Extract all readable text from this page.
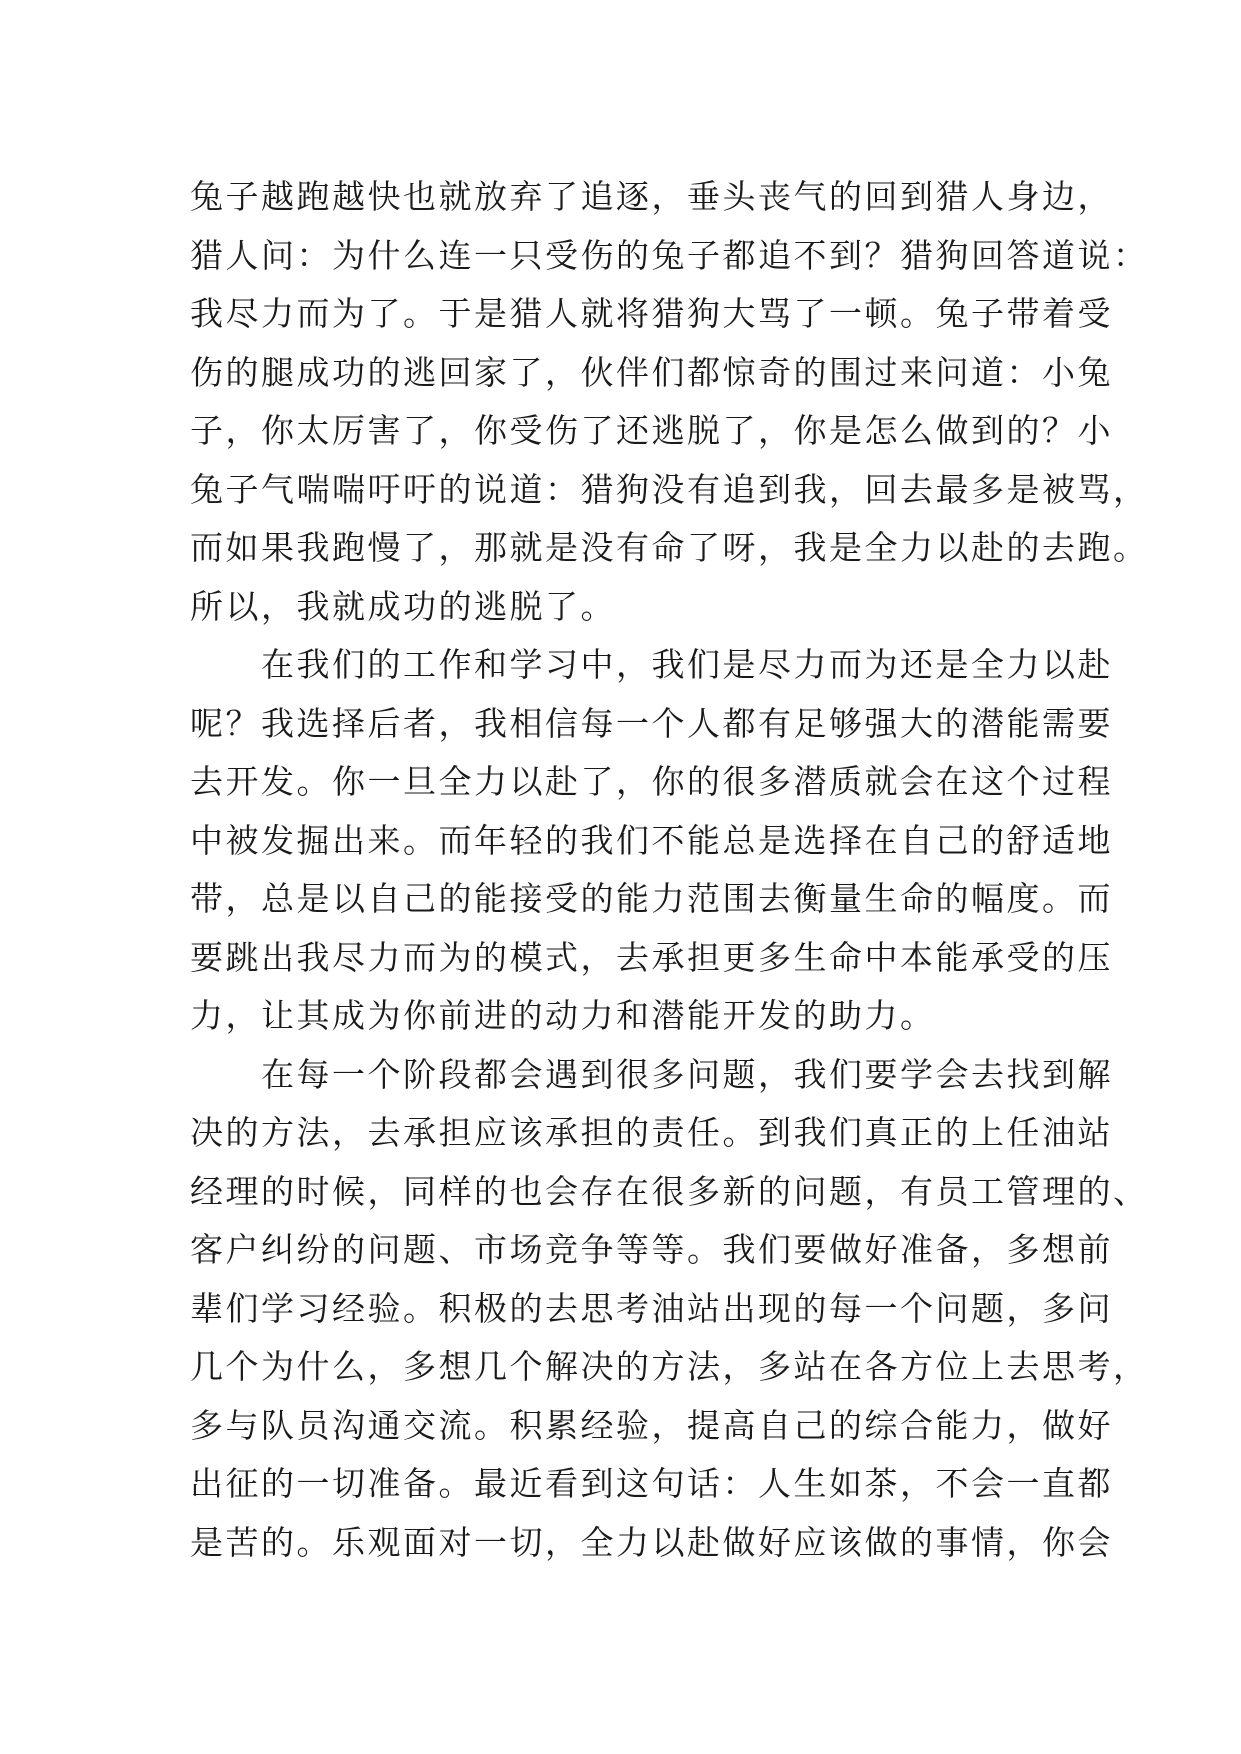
兔子越跑越快也就放弃了追逐，垂头丧气的回到猎人身边，
猎人问：为什么连一只受伤的兔子都追不到？猎狗回答道说：
我尽力而为了。于是猎人就将猎狗大骂了一顿。兔子带着受
伤的腿成功的逃回家了，伙伴们都惊奇的围过来问道：小兔
子，你太厉害了，你受伤了还逃脱了，你是怎么做到的？小
兔子气喘喘吁吁的说道：猎狗没有追到我，回去最多是被骂，
而如果我跑慢了，那就是没有命了呀，我是全力以赴的去跑。
所以，我就成功的逃脱了。
　　在我们的工作和学习中，我们是尽力而为还是全力以赴
呢？我选择后者，我相信每一个人都有足够强大的潜能需要
去开发。你一旦全力以赴了，你的很多潜质就会在这个过程
中被发掘出来。而年轻的我们不能总是选择在自己的舒适地
带，总是以自己的能接受的能力范围去衡量生命的幅度。而
要跳出我尽力而为的模式，去承担更多生命中本能承受的压
力，让其成为你前进的动力和潜能开发的助力。
　　在每一个阶段都会遇到很多问题，我们要学会去找到解
决的方法，去承担应该承担的责任。到我们真正的上任油站
经理的时候，同样的也会存在很多新的问题，有员工管理的、
客户纠纷的问题、市场竞争等等。我们要做好准备，多想前
辈们学习经验。积极的去思考油站出现的每一个问题，多问
几个为什么，多想几个解决的方法，多站在各方位上去思考，
多与队员沟通交流。积累经验，提高自己的综合能力，做好
出征的一切准备。最近看到这句话：人生如茶，不会一直都
是苦的。乐观面对一切，全力以赴做好应该做的事情，你会
